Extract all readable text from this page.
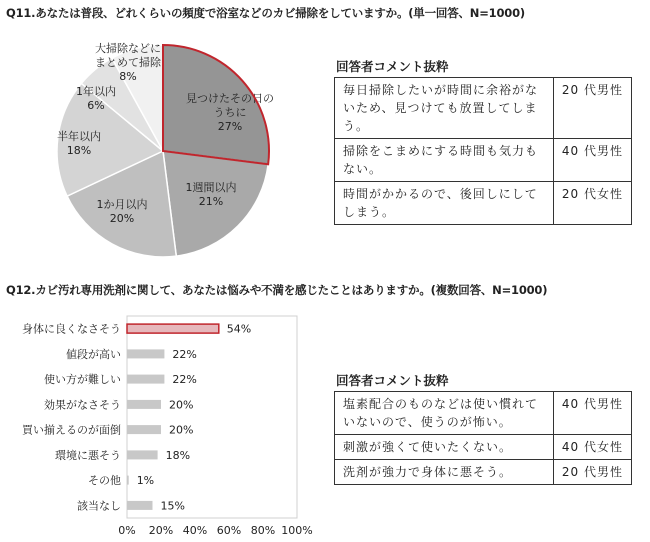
Q11.あなたは普段、どれくらいの頻度で浴室などのカビ掃除をしていますか。(単一回答、N=1000)
見つけたその日のうちに 27%
1週間以内 21%
1か月以内 20%
半年以内 18%
1年以内 6%
大掃除などにまとめて掃除 8%
回答者コメント抜粋
毎日掃除したいが時間に余裕がないため、見つけても放置してしまう。	20 代男性
掃除をこまめにする時間も気力もない。	40 代男性
時間がかかるので、後回しにしてしまう。	20 代女性
Q12.カビ汚れ専用洗剤に関して、あなたは悩みや不満を感じたことはありますか。(複数回答、N=1000)
身体に良くなさそう	54%
値段が高い	22%
使い方が難しい	22%
効果がなさそう	20%
買い揃えるのが面倒	20%
環境に悪そう	18%
その他 1%
該当なし	15%
0% 20% 40% 60% 80% 100%
回答者コメント抜粋
塩素配合のものなどは使い慣れていないので、使うのが怖い。	40 代男性
刺激が強くて使いたくない。	40 代女性
洗剤が強力で身体に悪そう。	20 代男性
